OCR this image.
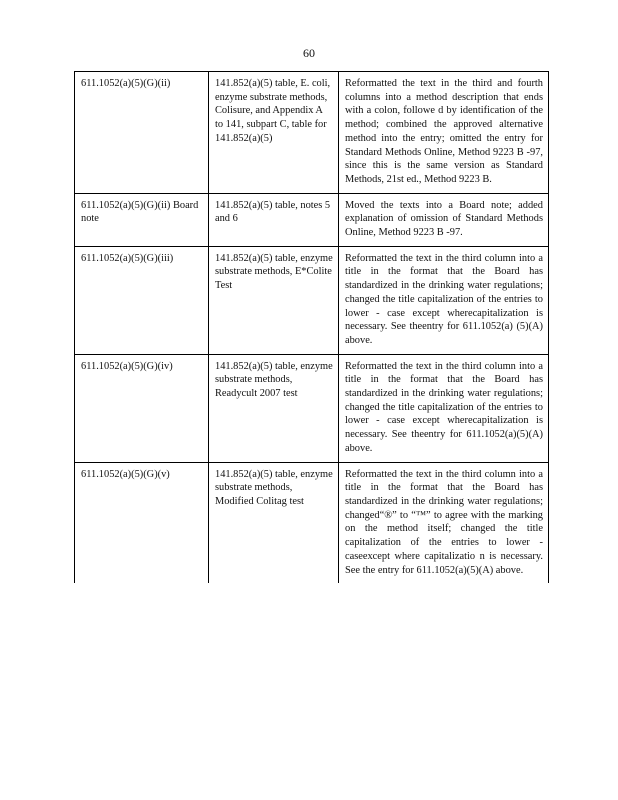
60
611.1052(a)(5)(G)(ii)	141.852(a)(5) table, E. coli, enzyme substrate methods, Colisure, and Appendix A to 141, subpart C, table for 141.852(a)(5)	Reformatted the text in the third and fourth columns into a method description that ends with a colon, followe d by identification of the method; combined the approved alternative method into the entry; omitted the entry for Standard Methods Online, Method 9223 B -97, since this is the same version as Standard Methods, 21st ed., Method 9223 B.
611.1052(a)(5)(G)(ii) Board note	141.852(a)(5) table, notes 5 and 6	Moved the texts into a Board note; added explanation of omission of Standard Methods Online, Method 9223 B -97.
611.1052(a)(5)(G)(iii)	141.852(a)(5) table, enzyme substrate methods, E*Colite Test	Reformatted the text in the third column into a title in the format that the Board has standardized in the drinking water regulations; changed the title capitalization of the entries to lower - case except wherecapitalization is necessary. See theentry for 611.1052(a) (5)(A) above.
611.1052(a)(5)(G)(iv)	141.852(a)(5) table, enzyme substrate methods, Readycult 2007 test	Reformatted the text in the third column into a title in the format that the Board has standardized in the drinking water regulations; changed the title capitalization of the entries to lower - case except wherecapitalization is necessary. See theentry for 611.1052(a)(5)(A) above.
611.1052(a)(5)(G)(v)	141.852(a)(5) table, enzyme substrate methods, Modified Colitag test	Reformatted the text in the third column into a title in the format that the Board has standardized in the drinking water regulations; changed“®” to “™” to agree with the marking on the method itself; changed the title capitalization of the entries to lower -caseexcept where capitalizatio n is necessary. See the entry for 611.1052(a)(5)(A) above.
